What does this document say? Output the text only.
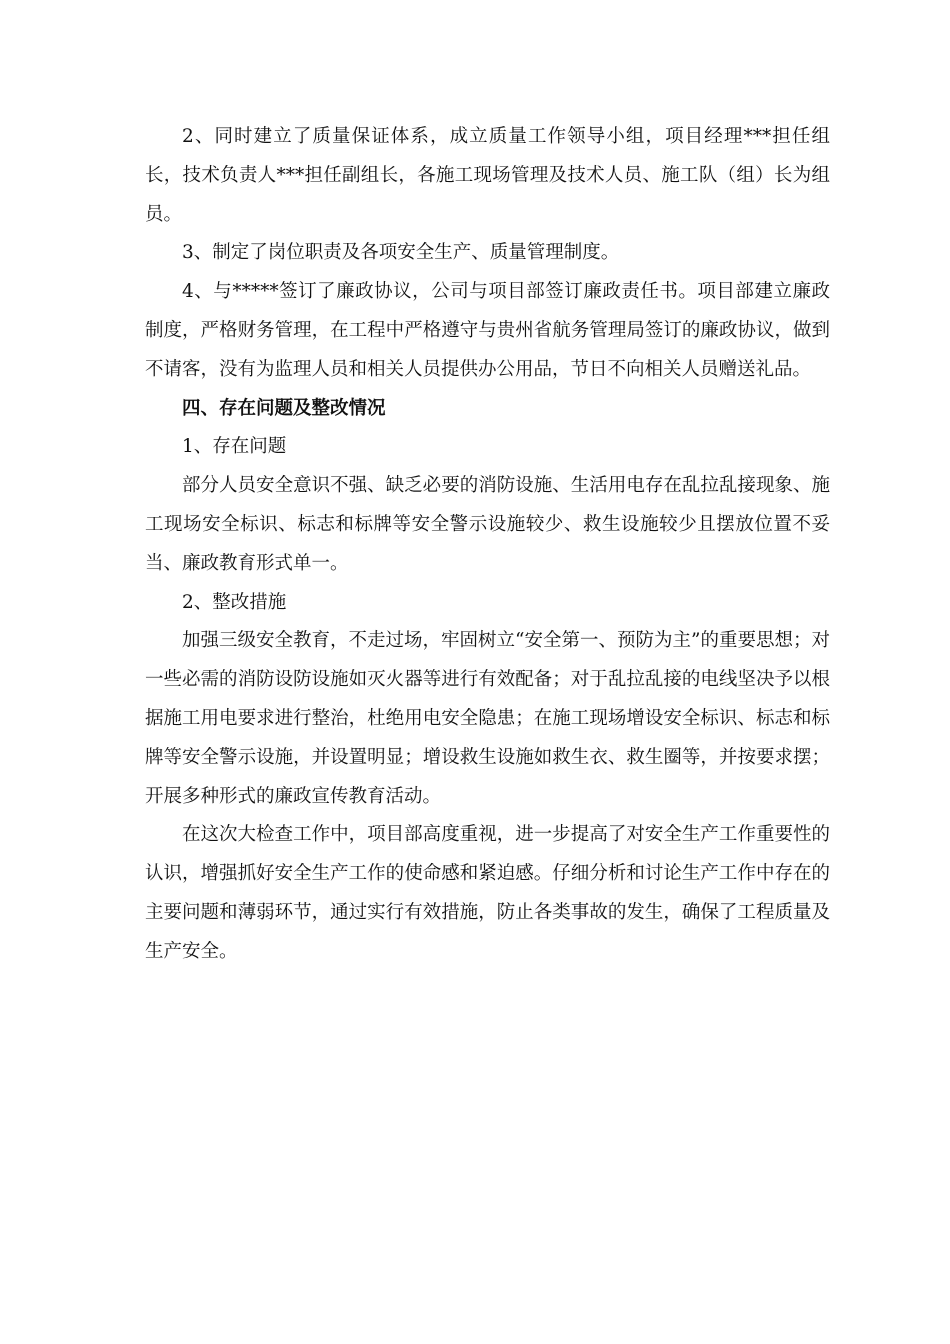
2、同时建立了质量保证体系，成立质量工作领导小组，项目经理***担任组长，技术负责人***担任副组长，各施工现场管理及技术人员、施工队（组）长为组员。

3、制定了岗位职责及各项安全生产、质量管理制度。

4、与*****签订了廉政协议，公司与项目部签订廉政责任书。项目部建立廉政制度，严格财务管理，在工程中严格遵守与贵州省航务管理局签订的廉政协议，做到不请客，没有为监理人员和相关人员提供办公用品，节日不向相关人员赠送礼品。

四、存在问题及整改情况

1、存在问题

部分人员安全意识不强、缺乏必要的消防设施、生活用电存在乱拉乱接现象、施工现场安全标识、标志和标牌等安全警示设施较少、救生设施较少且摆放位置不妥当、廉政教育形式单一。

2、整改措施

加强三级安全教育，不走过场，牢固树立“安全第一、预防为主”的重要思想；对一些必需的消防设防设施如灭火器等进行有效配备；对于乱拉乱接的电线坚决予以根据施工用电要求进行整治，杜绝用电安全隐患；在施工现场增设安全标识、标志和标牌等安全警示设施，并设置明显；增设救生设施如救生衣、救生圈等，并按要求摆；开展多种形式的廉政宣传教育活动。

在这次大检查工作中，项目部高度重视，进一步提高了对安全生产工作重要性的认识，增强抓好安全生产工作的使命感和紧迫感。仔细分析和讨论生产工作中存在的主要问题和薄弱环节，通过实行有效措施，防止各类事故的发生，确保了工程质量及生产安全。
